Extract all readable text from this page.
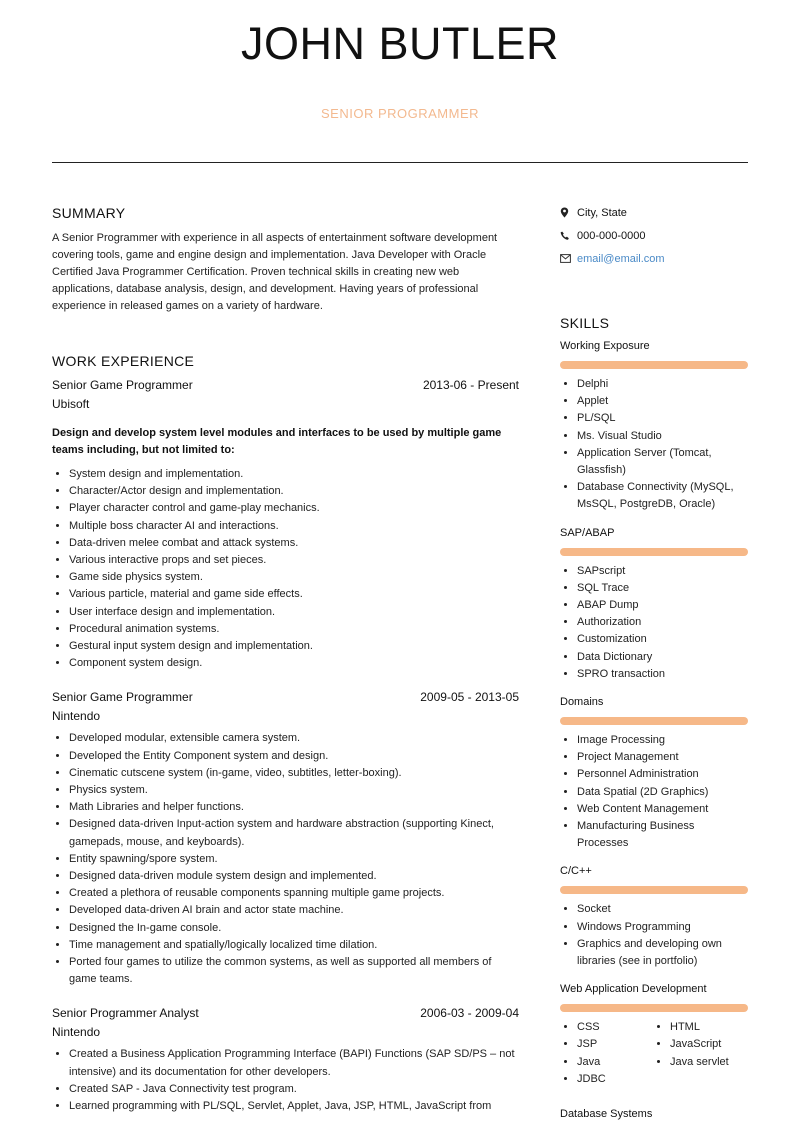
JOHN BUTLER
SENIOR PROGRAMMER
SUMMARY

A Senior Programmer with experience in all aspects of entertainment software development covering tools, game and engine design and implementation. Java Developer with Oracle Certified Java Programmer Certification. Proven technical skills in creating new web applications, database analysis, design, and development. Having years of professional experience in released games on a variety of hardware.

WORK EXPERIENCE
Senior Game Programmer	2013-06 - Present
Ubisoft
Design and develop system level modules and interfaces to be used by multiple game teams including, but not limited to:
• System design and implementation.
• Character/Actor design and implementation.
• Player character control and game-play mechanics.
• Multiple boss character AI and interactions.
• Data-driven melee combat and attack systems.
• Various interactive props and set pieces.
• Game side physics system.
• Various particle, material and game side effects.
• User interface design and implementation.
• Procedural animation systems.
• Gestural input system design and implementation.
• Component system design.
Senior Game Programmer	2009-05 - 2013-05
Nintendo
• Developed modular, extensible camera system.
• Developed the Entity Component system and design.
• Cinematic cutscene system (in-game, video, subtitles, letter-boxing).
• Physics system.
• Math Libraries and helper functions.
• Designed data-driven Input-action system and hardware abstraction (supporting Kinect, gamepads, mouse, and keyboards).
• Entity spawning/spore system.
• Designed data-driven module system design and implemented.
• Created a plethora of reusable components spanning multiple game projects.
• Developed data-driven AI brain and actor state machine.
• Designed the In-game console.
• Time management and spatially/logically localized time dilation.
• Ported four games to utilize the common systems, as well as supported all members of game teams.
Senior Programmer Analyst	2006-03 - 2009-04
Nintendo
• Created a Business Application Programming Interface (BAPI) Functions (SAP SD/PS – not intensive) and its documentation for other developers.
• Created SAP - Java Connectivity test program.
• Learned programming with PL/SQL, Servlet, Applet, Java, JSP, HTML, JavaScript from
City, State
000-000-0000
email@email.com
SKILLS
Working Exposure
• Delphi
• Applet
• PL/SQL
• Ms. Visual Studio
• Application Server (Tomcat, Glassfish)
• Database Connectivity (MySQL, MsSQL, PostgreDB, Oracle)
SAP/ABAP
• SAPscript
• SQL Trace
• ABAP Dump
• Authorization
• Customization
• Data Dictionary
• SPRO transaction
Domains
• Image Processing
• Project Management
• Personnel Administration
• Data Spatial (2D Graphics)
• Web Content Management
• Manufacturing Business Processes
C/C++
• Socket
• Windows Programming
• Graphics and developing own libraries (see in portfolio)
Web Application Development
• CSS
• JSP
• Java
• JDBC
• HTML
• JavaScript
• Java servlet
Database Systems
